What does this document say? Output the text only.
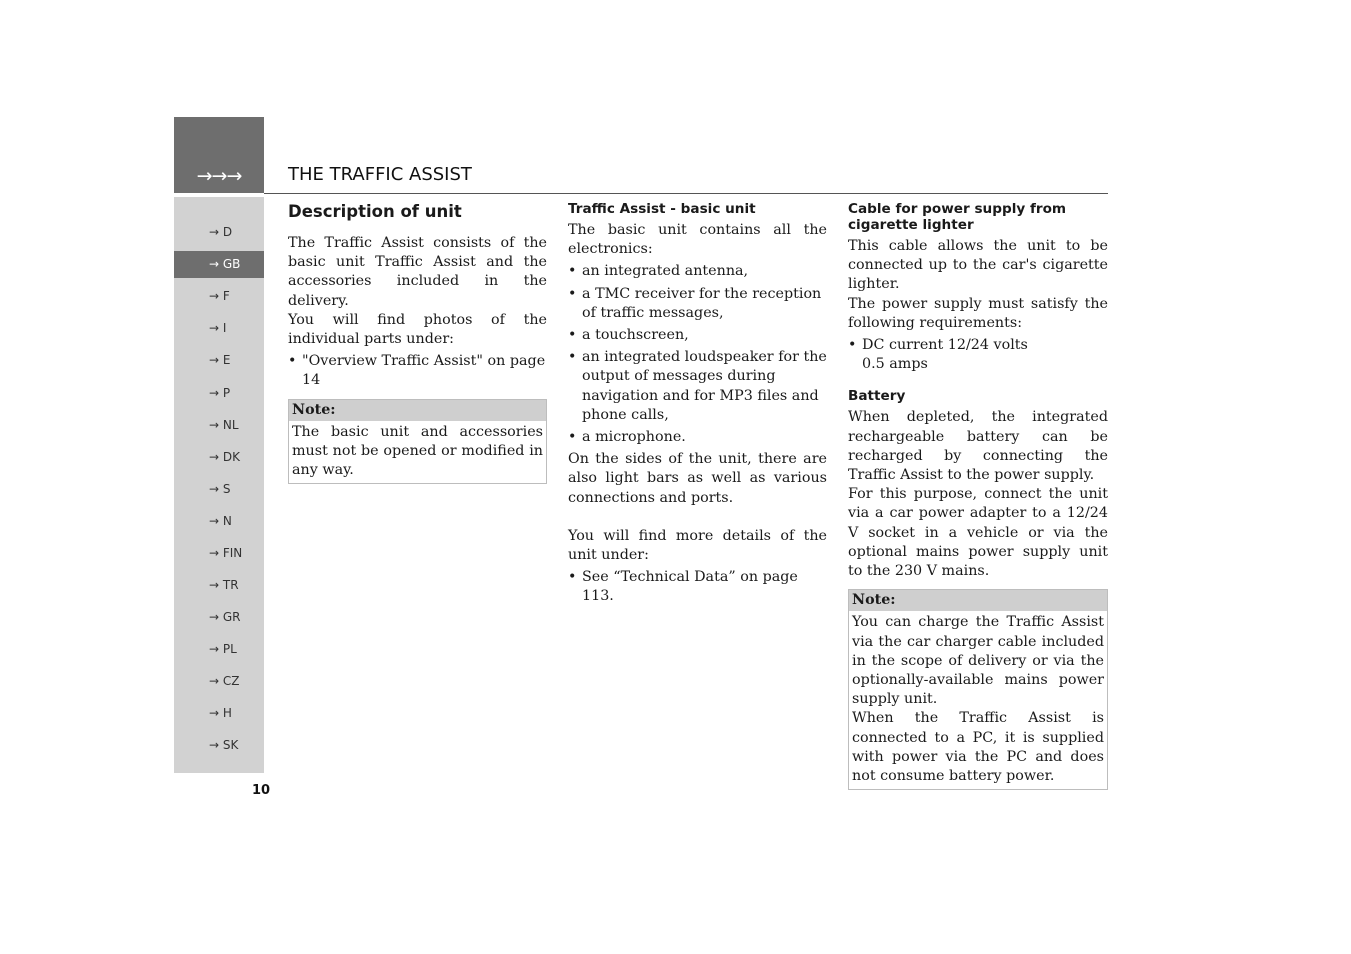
→→→	THE TRAFFIC ASSIST
→ D
→ GB
→ F
→ I
→ E
→ P
→ NL
→ DK
→ S
→ N
→ FIN
→ TR
→ GR
→ PL
→ CZ
→ H
→ SK
10
Description of unit

The Traffic Assist consists of the basic unit Traffic Assist and the accessories included in the delivery.

You will find photos of the individual parts under:

• "Overview Traffic Assist" on page 14
Note:
The basic unit and accessories must not be opened or modified in any way.
Traffic Assist - basic unit

The basic unit contains all the electronics:

• an integrated antenna,
• a TMC receiver for the reception of traffic messages,
• a touchscreen,
• an integrated loudspeaker for the output of messages during navigation and for MP3 files and phone calls,
• a microphone.

On the sides of the unit, there are also light bars as well as various connections and ports.

You will find more details of the unit under:

• See “Technical Data” on page 113.
Cable for power supply from cigarette lighter

This cable allows the unit to be connected up to the car's cigarette lighter.

The power supply must satisfy the following requirements:

• DC current 12/24 volts
0.5 amps
Battery

When depleted, the integrated rechargeable battery can be recharged by connecting the Traffic Assist to the power supply.

For this purpose, connect the unit via a car power adapter to a 12/24 V socket in a vehicle or via the optional mains power supply unit to the 230 V mains.

Note:
You can charge the Traffic Assist via the car charger cable included in the scope of delivery or via the optionally-available mains power supply unit.
When the Traffic Assist is connected to a PC, it is supplied with power via the PC and does not consume battery power.
